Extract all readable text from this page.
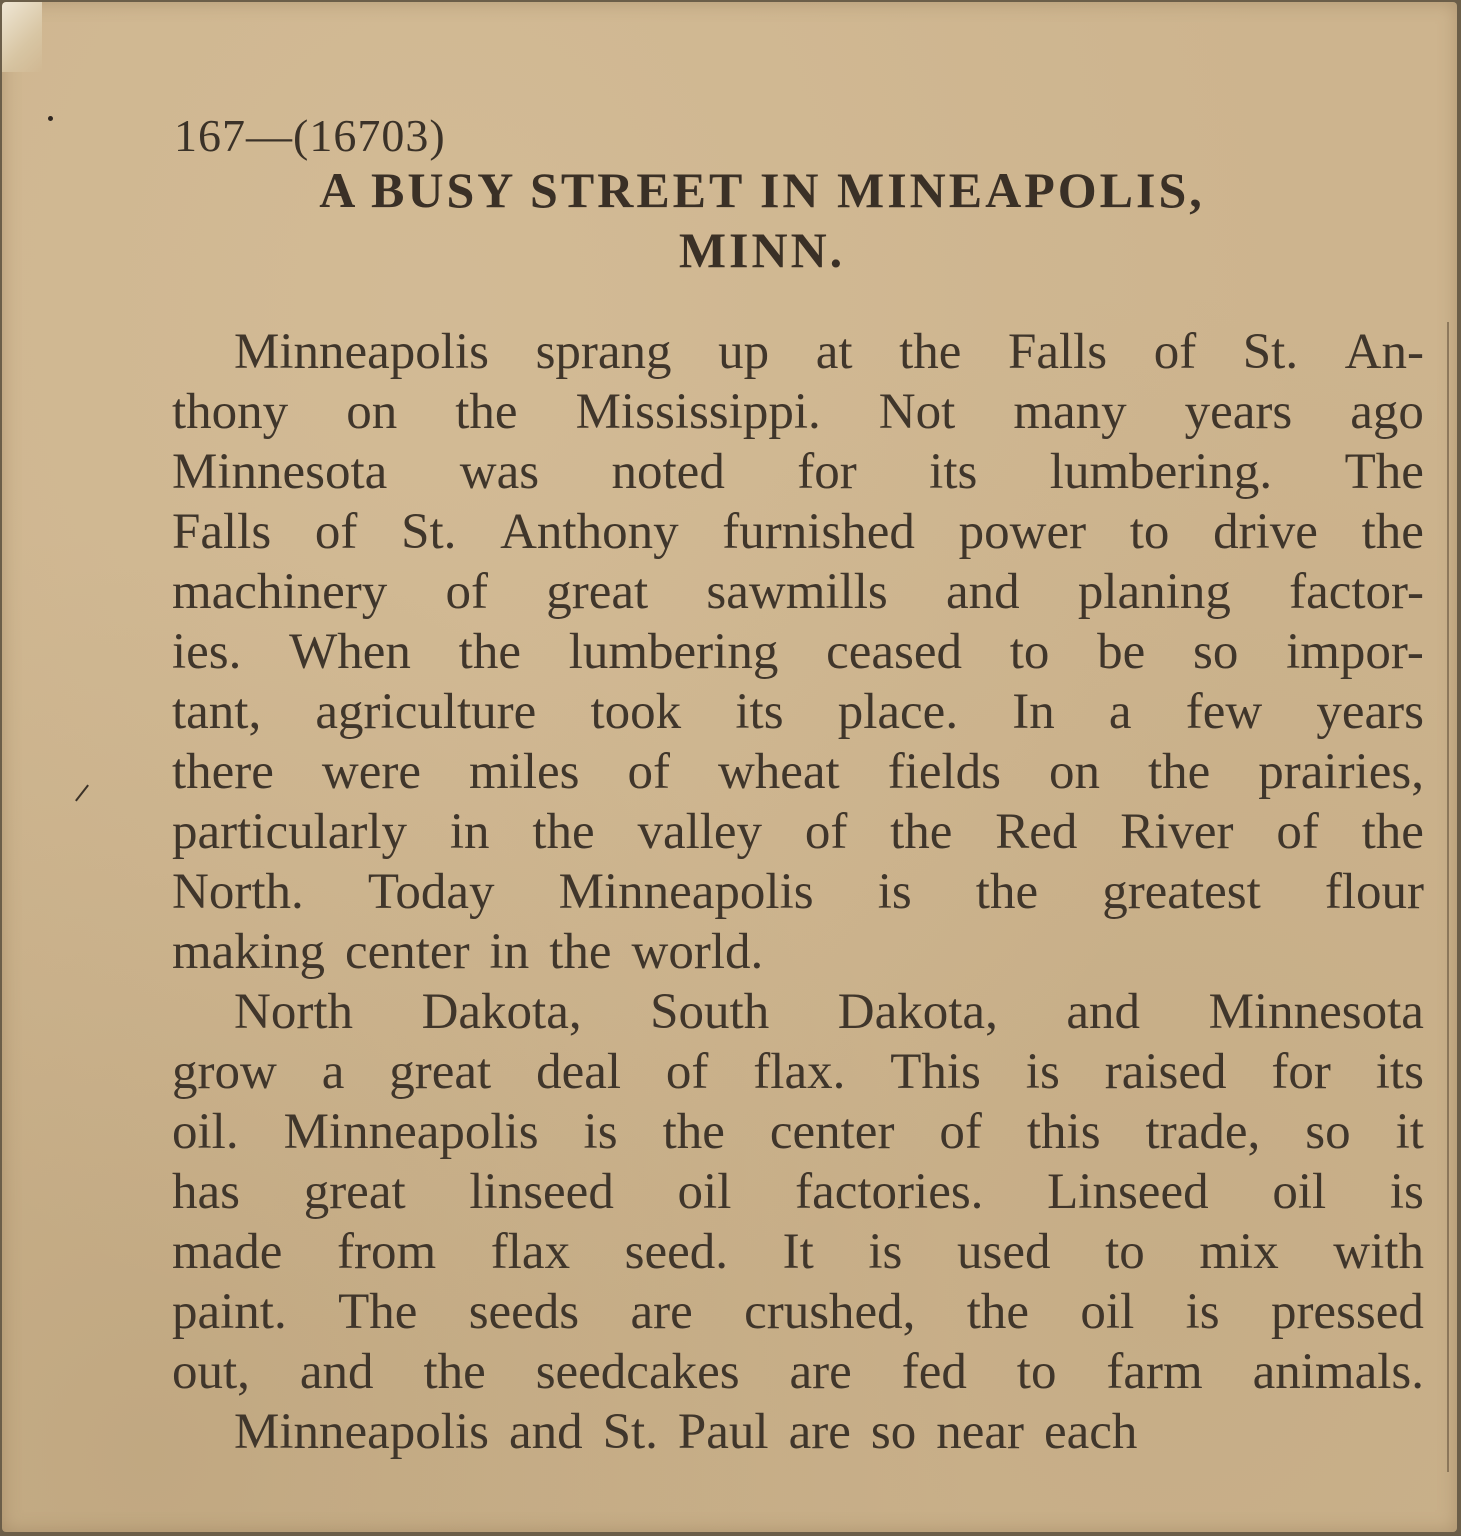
167—(16703)
A BUSY STREET IN MINEAPOLIS,
MINN.
Minneapolis sprang up at the Falls of St. An-
thony on the Mississippi. Not many years ago
Minnesota was noted for its lumbering. The
Falls of St. Anthony furnished power to drive the
machinery of great sawmills and planing factor-
ies. When the lumbering ceased to be so impor-
tant, agriculture took its place. In a few years
there were miles of wheat fields on the prairies,
particularly in the valley of the Red River of the
North. Today Minneapolis is the greatest flour
making center in the world.
North Dakota, South Dakota, and Minnesota
grow a great deal of flax. This is raised for its
oil. Minneapolis is the center of this trade, so it
has great linseed oil factories. Linseed oil is
made from flax seed. It is used to mix with
paint. The seeds are crushed, the oil is pressed
out, and the seedcakes are fed to farm animals.
Minneapolis and St. Paul are so near each
